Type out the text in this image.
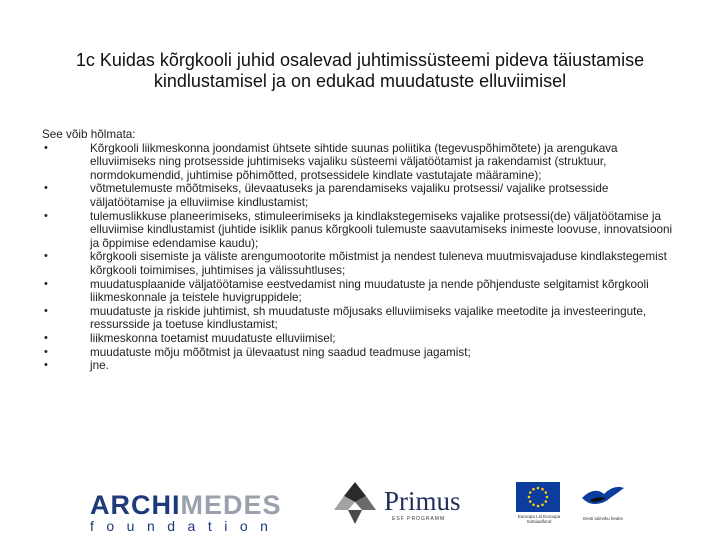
1c Kuidas kõrgkooli juhid osalevad juhtimissüsteemi pideva täiustamise kindlustamisel ja on edukad muudatuste elluviimisel
See võib hõlmata:
•	Kõrgkooli liikmeskonna joondamist ühtsete sihtide suunas poliitika (tegevuspõhimõtete) ja arengukava elluviimiseks ning protsesside juhtimiseks vajaliku süsteemi väljatöötamist ja rakendamist (struktuur, normdokumendid, juhtimise põhimõtted, protsessidele kindlate vastutajate määramine);
•	võtmetulemuste mõõtmiseks, ülevaatuseks ja parendamiseks vajaliku protsessi/ vajalike protsesside väljatöötamise ja elluviimise kindlustamist;
•	tulemuslikkuse planeerimiseks, stimuleerimiseks ja kindlakstegemiseks vajalike protsessi(de) väljatöötamise ja elluviimise kindlustamist (juhtide isiklik panus kõrgkooli tulemuste saavutamiseks inimeste loovuse, innovatsiooni ja õppimise edendamise kaudu);
•	kõrgkooli sisemiste ja väliste arengumootorite mõistmist ja nendest tuleneva muutmisvajaduse kindlakstegemist kõrgkooli toimimises, juhtimises ja välissuhtluses;
•	muudatusplaanide väljatöötamise eestvedamist ning muudatuste ja nende põhjenduste selgitamist kõrgkooli liikmeskonnale ja teistele huvigruppidele;
•	muudatuste ja riskide juhtimist, sh muudatuste mõjusaks elluviimiseks vajalike meetodite ja investeeringute, ressursside ja toetuse kindlustamist;
•	liikmeskonna toetamist muudatuste elluviimisel;
•	muudatuste mõju mõõtmist ja ülevaatust ning saadud teadmuse jagamist;
•	jne.
ARCHIMEDES
foundation
Primus
ESF PROGRAMM	Euroopa Liit Euroopa Sotsiaalfond
Eesti tuleviku heaks
